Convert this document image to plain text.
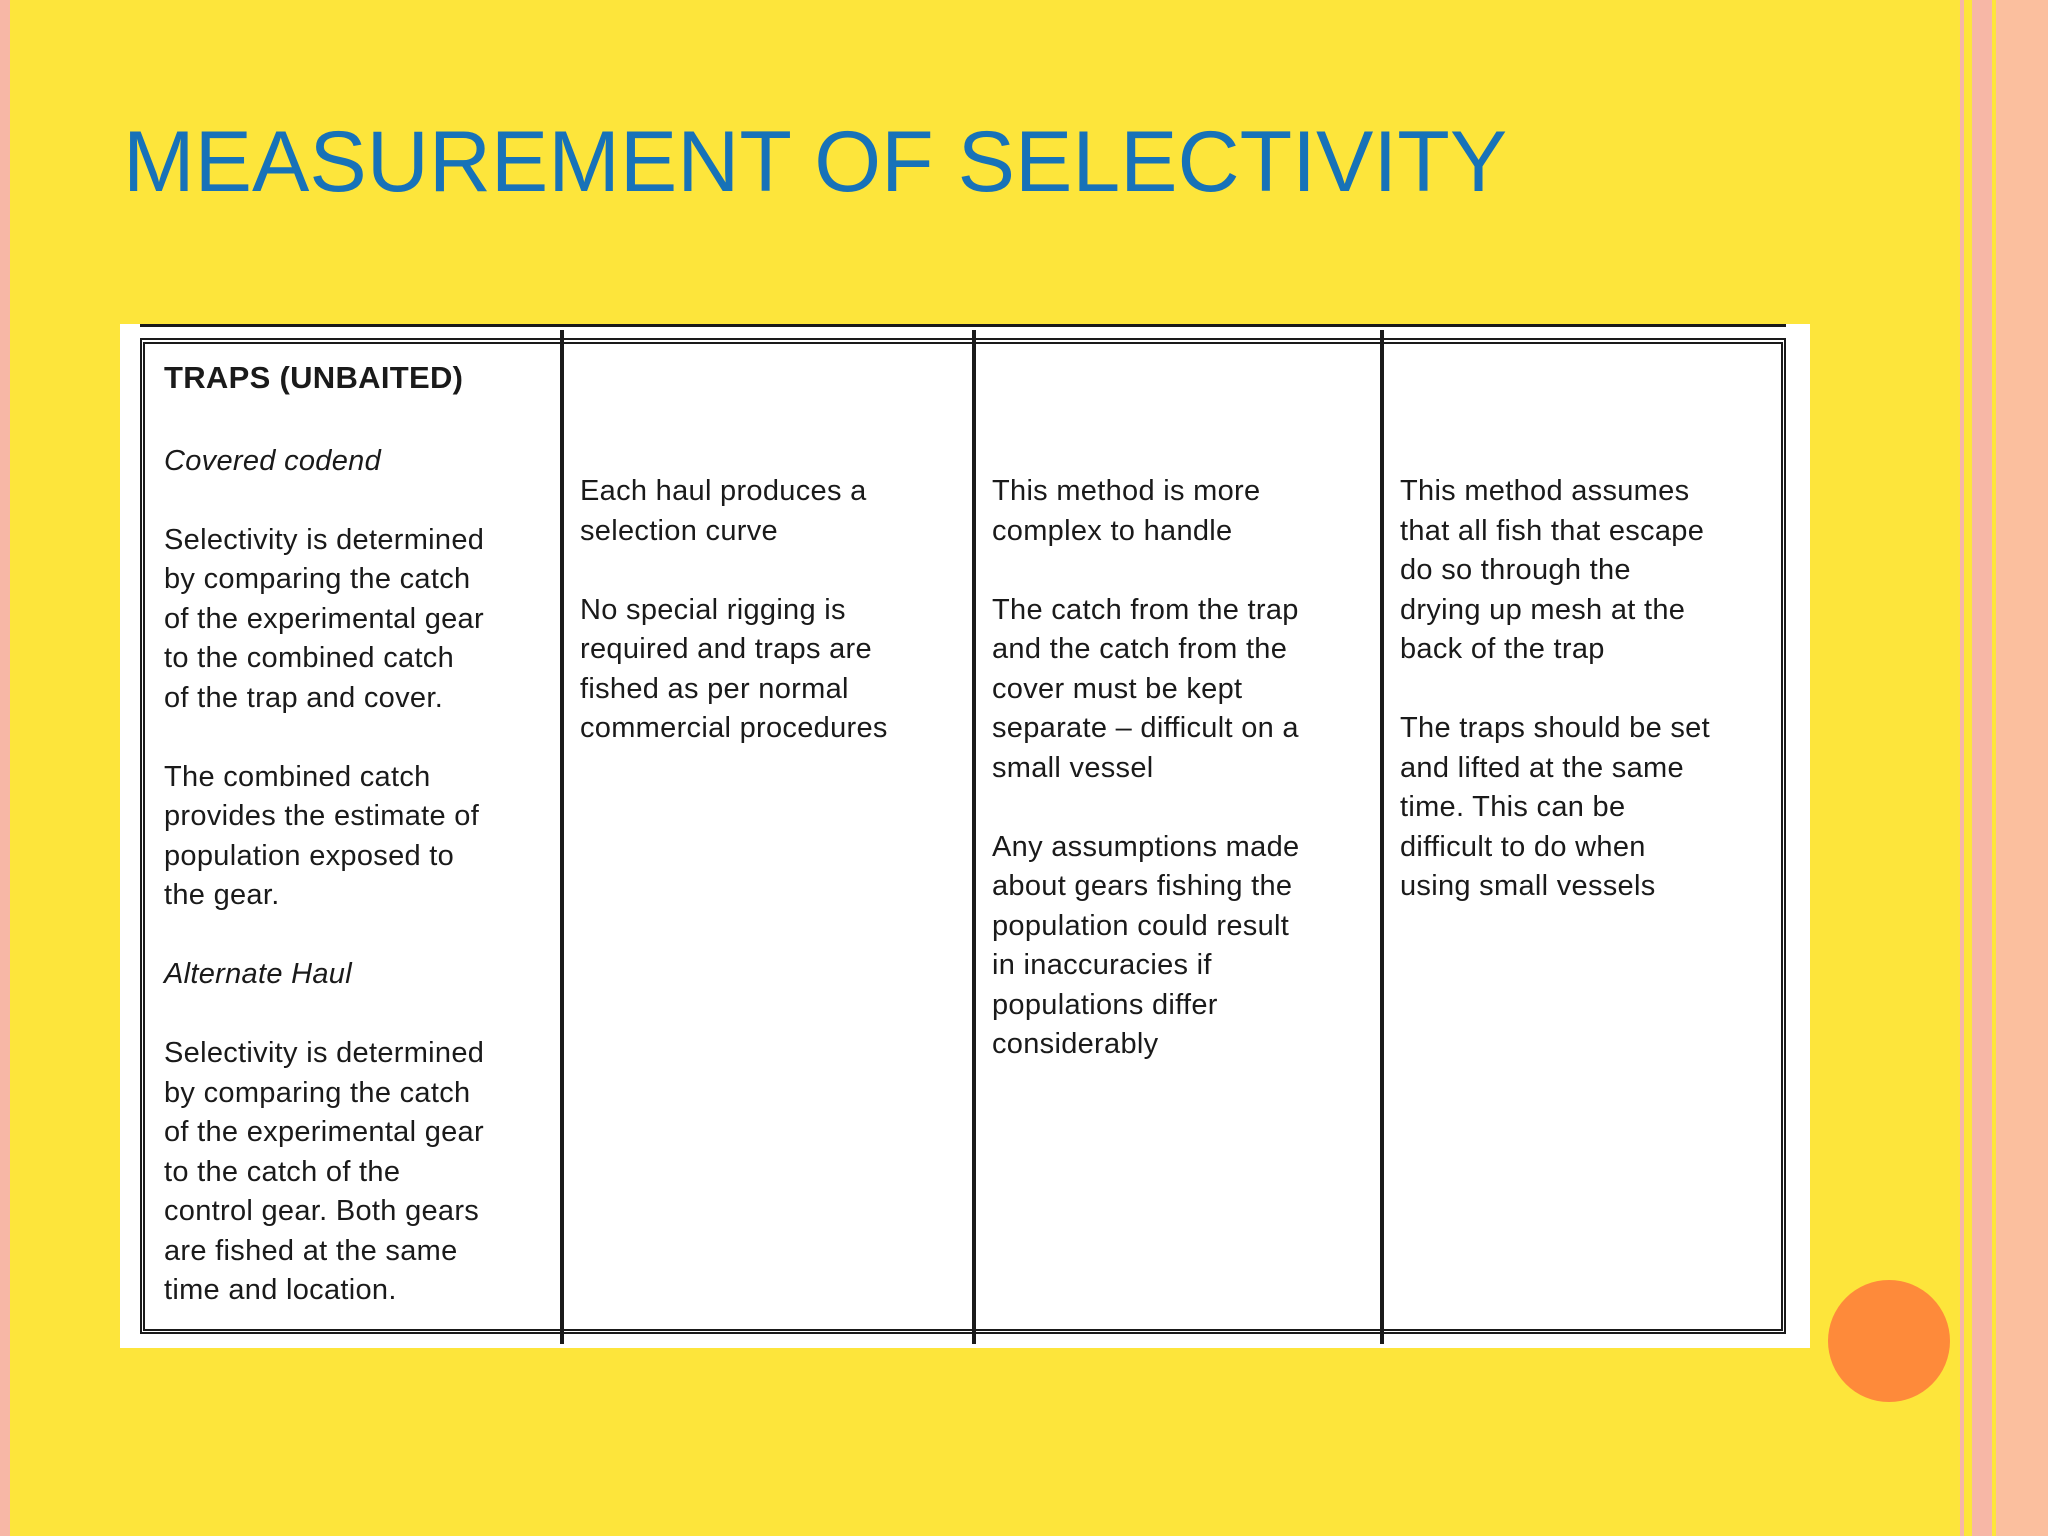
MEASUREMENT OF SELECTIVITY

TRAPS (UNBAITED)

Covered codend

Selectivity is determined
by comparing the catch
of the experimental gear
to the combined catch
of the trap and cover.

The combined catch
provides the estimate of
population exposed to
the gear.

Alternate Haul

Selectivity is determined
by comparing the catch
of the experimental gear
to the catch of the
control gear. Both gears
are fished at the same
time and location.

Each haul produces a
selection curve

No special rigging is
required and traps are
fished as per normal
commercial procedures

This method is more
complex to handle

The catch from the trap
and the catch from the
cover must be kept
separate – difficult on a
small vessel

Any assumptions made
about gears fishing the
population could result
in inaccuracies if
populations differ
considerably

This method assumes
that all fish that escape
do so through the
drying up mesh at the
back of the trap

The traps should be set
and lifted at the same
time. This can be
difficult to do when
using small vessels
